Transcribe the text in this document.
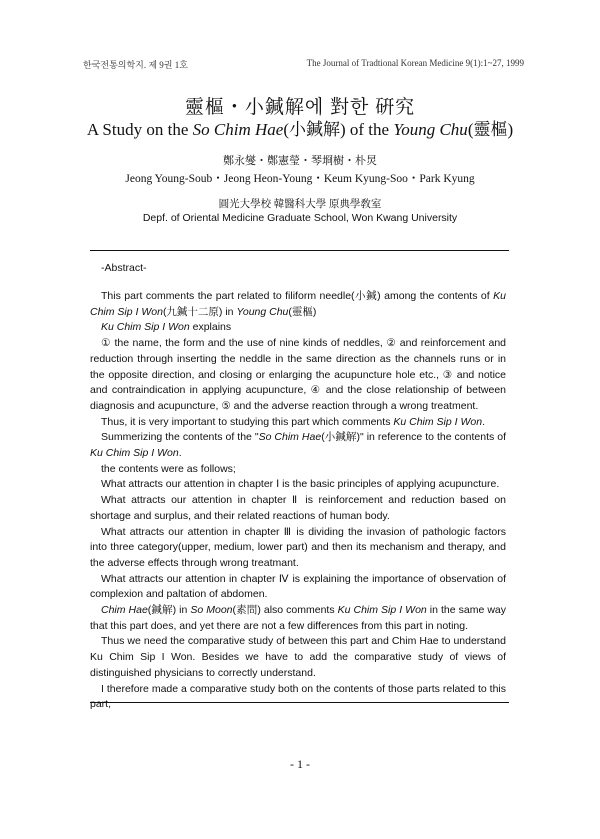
한국전통의학지. 제 9권 1호	The Journal of Tradtional Korean Medicine 9(1):1~27, 1999
靈樞・小鍼解에 對한 硏究
A Study on the So Chim Hae(小鍼解) of the Young Chu(靈樞)
鄭永燮・鄭憲瑩・琴埛樹・朴炅
Jeong Young-Soub・Jeong Heon-Young・Keum Kyung-Soo・Park Kyung
圓光大學校 韓醫科大學 原典學敎室
Depf. of Oriental Medicine Graduate School, Won Kwang University
-Abstract-

This part comments the part related to filiform needle(小鍼) among the contents of Ku Chim Sip I Won(九鍼十二原) in Young Chu(靈樞)

Ku Chim Sip I Won explains

① the name, the form and the use of nine kinds of neddles, ② and reinforcement and reduction through inserting the neddle in the same direction as the channels runs or in the opposite direction, and closing or enlarging the acupuncture hole etc., ③ and notice and contraindication in applying acupuncture, ④ and the close relationship of between diagnosis and acupuncture, ⑤ and the adverse reaction through a wrong treatment.

Thus, it is very important to studying this part which comments Ku Chim Sip I Won.

Summerizing the contents of the "So Chim Hae(小鍼解)" in reference to the contents of Ku Chim Sip I Won.

the contents were as follows;

What attracts our attention in chapter Ⅰ is the basic principles of applying acupuncture.

What attracts our attention in chapter Ⅱ is reinforcement and reduction based on shortage and surplus, and their related reactions of human body.

What attracts our attention in chapter Ⅲ is dividing the invasion of pathologic factors into three category(upper, medium, lower part) and then its mechanism and therapy, and the adverse effects through wrong treatmant.

What attracts our attention in chapter Ⅳ is explaining the importance of observation of complexion and paltation of abdomen.

Chim Hae(鍼解) in So Moon(素問) also comments Ku Chim Sip I Won in the same way that this part does, and yet there are not a few differences from this part in noting.

Thus we need the comparative study of between this part and Chim Hae to understand Ku Chim Sip I Won. Besides we have to add the comparative study of views of distinguished physicians to correctly understand.

I therefore made a comparative study both on the contents of those parts related to this part,

- 1 -
